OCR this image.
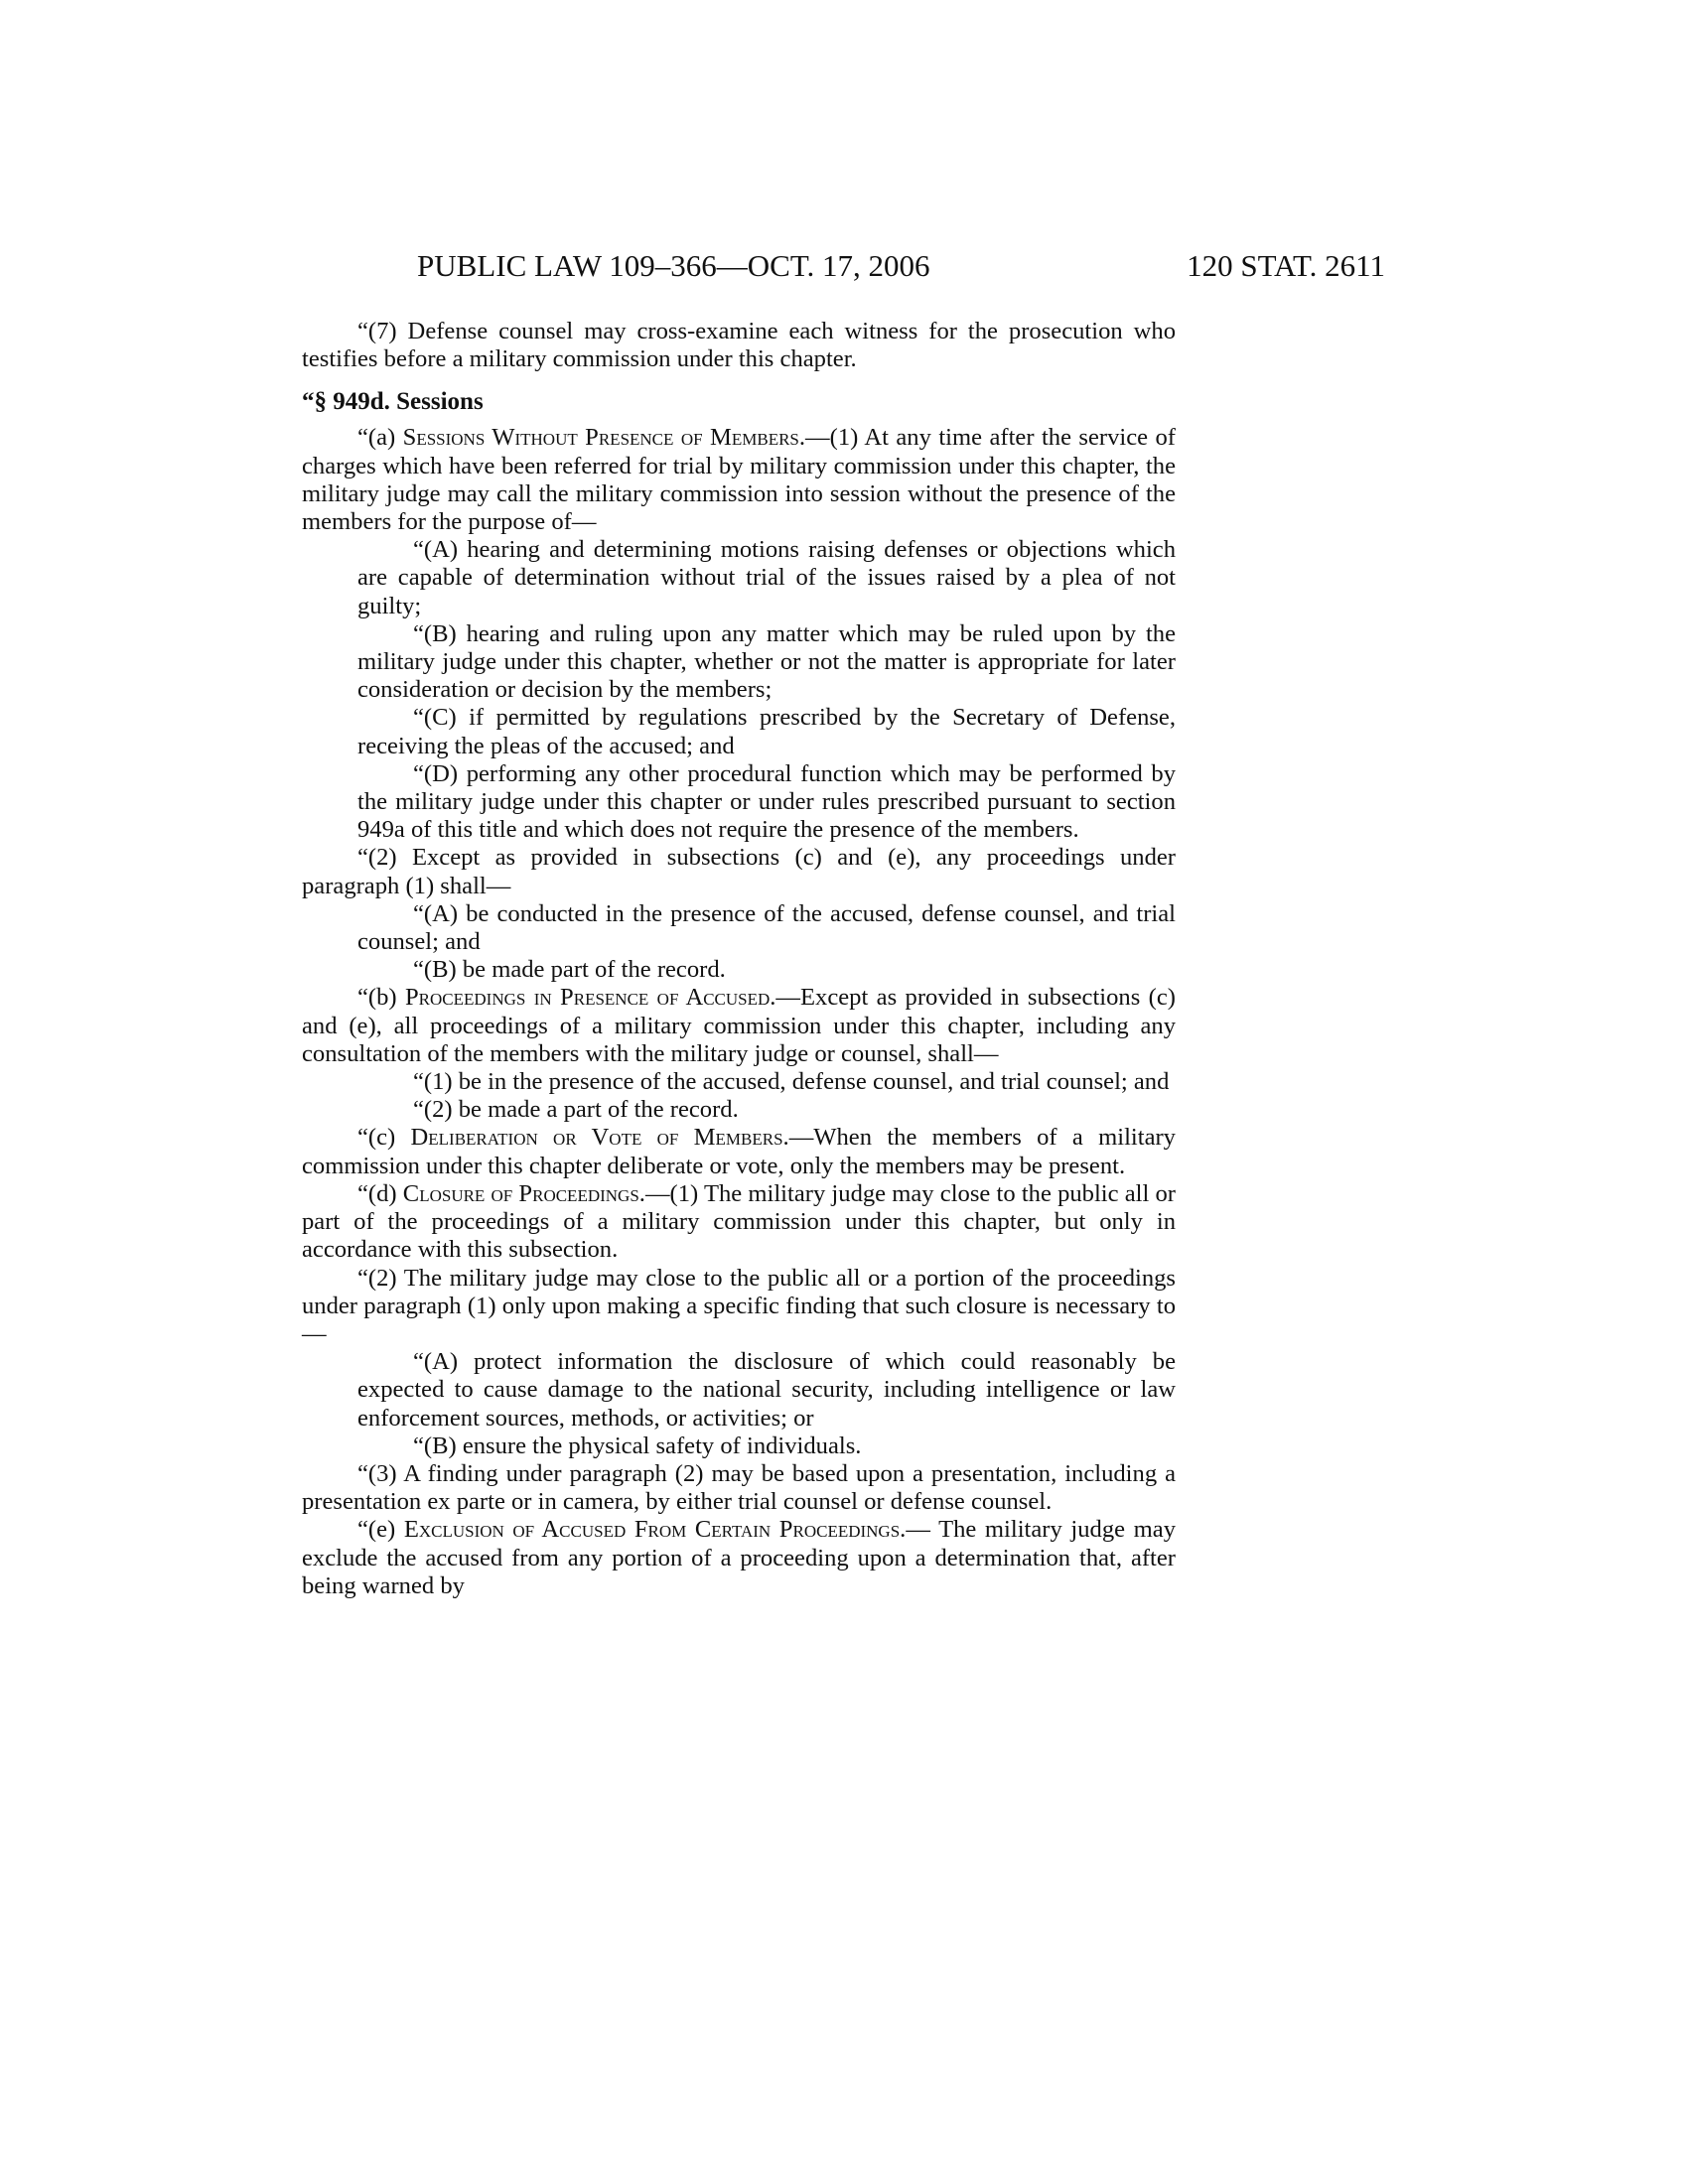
PUBLIC LAW 109–366—OCT. 17, 2006	120 STAT. 2611

“(7) Defense counsel may cross-examine each witness for the prosecution who testifies before a military commission under this chapter.

“§ 949d. Sessions

“(a) Sessions Without Presence of Members.—(1) At any time after the service of charges which have been referred for trial by military commission under this chapter, the military judge may call the military commission into session without the presence of the members for the purpose of—

“(A) hearing and determining motions raising defenses or objections which are capable of determination without trial of the issues raised by a plea of not guilty;

“(B) hearing and ruling upon any matter which may be ruled upon by the military judge under this chapter, whether or not the matter is appropriate for later consideration or decision by the members;

“(C) if permitted by regulations prescribed by the Secretary of Defense, receiving the pleas of the accused; and

“(D) performing any other procedural function which may be performed by the military judge under this chapter or under rules prescribed pursuant to section 949a of this title and which does not require the presence of the members.

“(2) Except as provided in subsections (c) and (e), any proceedings under paragraph (1) shall—

“(A) be conducted in the presence of the accused, defense counsel, and trial counsel; and

“(B) be made part of the record.

“(b) Proceedings in Presence of Accused.—Except as provided in subsections (c) and (e), all proceedings of a military commission under this chapter, including any consultation of the members with the military judge or counsel, shall—

“(1) be in the presence of the accused, defense counsel, and trial counsel; and

“(2) be made a part of the record.

“(c) Deliberation or Vote of Members.—When the members of a military commission under this chapter deliberate or vote, only the members may be present.

“(d) Closure of Proceedings.—(1) The military judge may close to the public all or part of the proceedings of a military commission under this chapter, but only in accordance with this subsection.

“(2) The military judge may close to the public all or a portion of the proceedings under paragraph (1) only upon making a specific finding that such closure is necessary to—

“(A) protect information the disclosure of which could reasonably be expected to cause damage to the national security, including intelligence or law enforcement sources, methods, or activities; or

“(B) ensure the physical safety of individuals.

“(3) A finding under paragraph (2) may be based upon a presentation, including a presentation ex parte or in camera, by either trial counsel or defense counsel.

“(e) Exclusion of Accused From Certain Proceedings.— The military judge may exclude the accused from any portion of a proceeding upon a determination that, after being warned by
